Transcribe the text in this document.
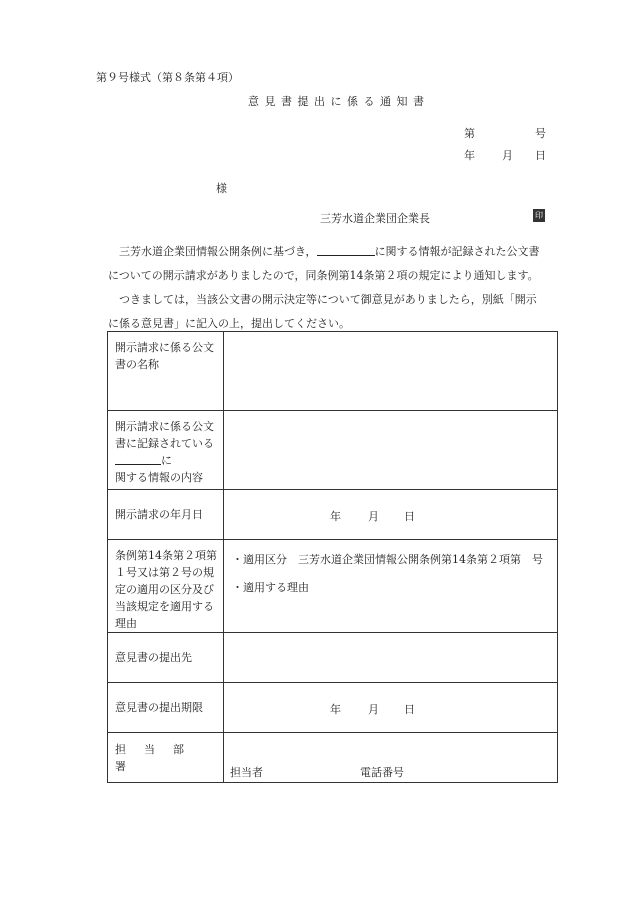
第９号様式（第８条第４項）
意見書提出に係る通知書
第	号
年 月 日
様
三芳水道企業団企業長	印

　三芳水道企業団情報公開条例に基づき，	に関する情報が記録された公文書
についての開示請求がありましたので，同条例第14条第２項の規定により通知します。

　つきましては，当該公文書の開示決定等について御意見がありましたら，別紙「開示
に係る意見書」に記入の上，提出してください。

開示請求に係る公文書の名称	
開示請求に係る公文書に記録されているに
関する情報の内容	
開示請求の年月日	年 月 日

条例第14条第２項第１号又は第２号の規定の適用の区分及び当該規定を適用する理由	・適用区分　三芳水道企業団情報公開条例第14条第２項第　号
・適用する理由

意見書の提出先	
意見書の提出期限	年 月 日

担当部署	担当者 電話番号
